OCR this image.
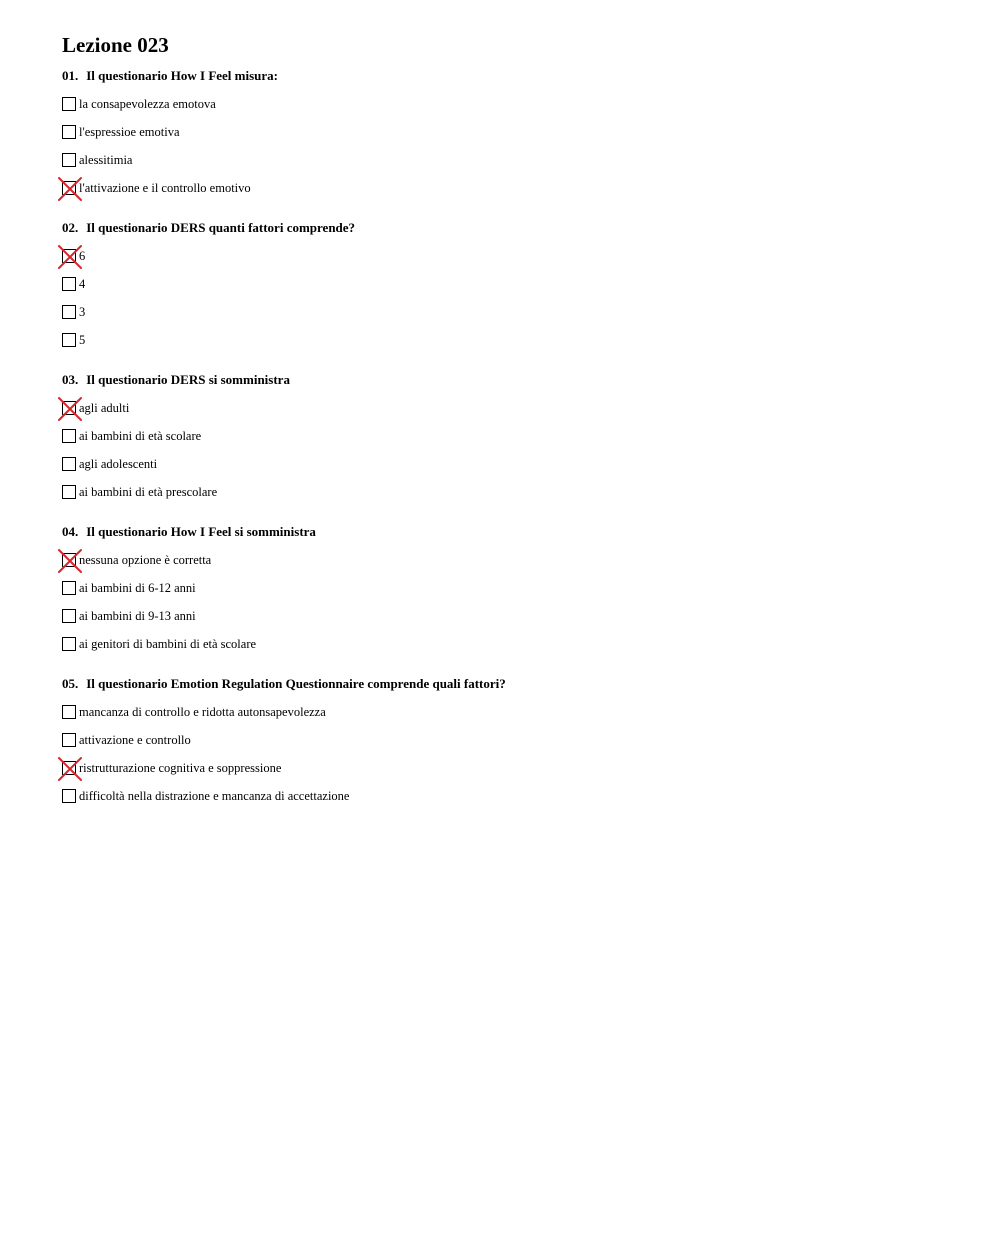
Lezione 023
01. Il questionario How I Feel misura:
la consapevolezza emotova
l'espressioe emotiva
alessitimia
l'attivazione e il controllo emotivo
02. Il questionario DERS quanti fattori comprende?
6
4
3
5
03. Il questionario DERS si somministra
agli adulti
ai bambini di età scolare
agli adolescenti
ai bambini di età prescolare
04. Il questionario How I Feel si somministra
nessuna opzione è corretta
ai bambini di 6-12 anni
ai bambini di 9-13 anni
ai genitori di bambini di età scolare
05. Il questionario Emotion Regulation Questionnaire comprende quali fattori?
mancanza di controllo e ridotta autonsapevolezza
attivazione e controllo
ristrutturazione cognitiva e soppressione
difficoltà nella distrazione e mancanza di accettazione
